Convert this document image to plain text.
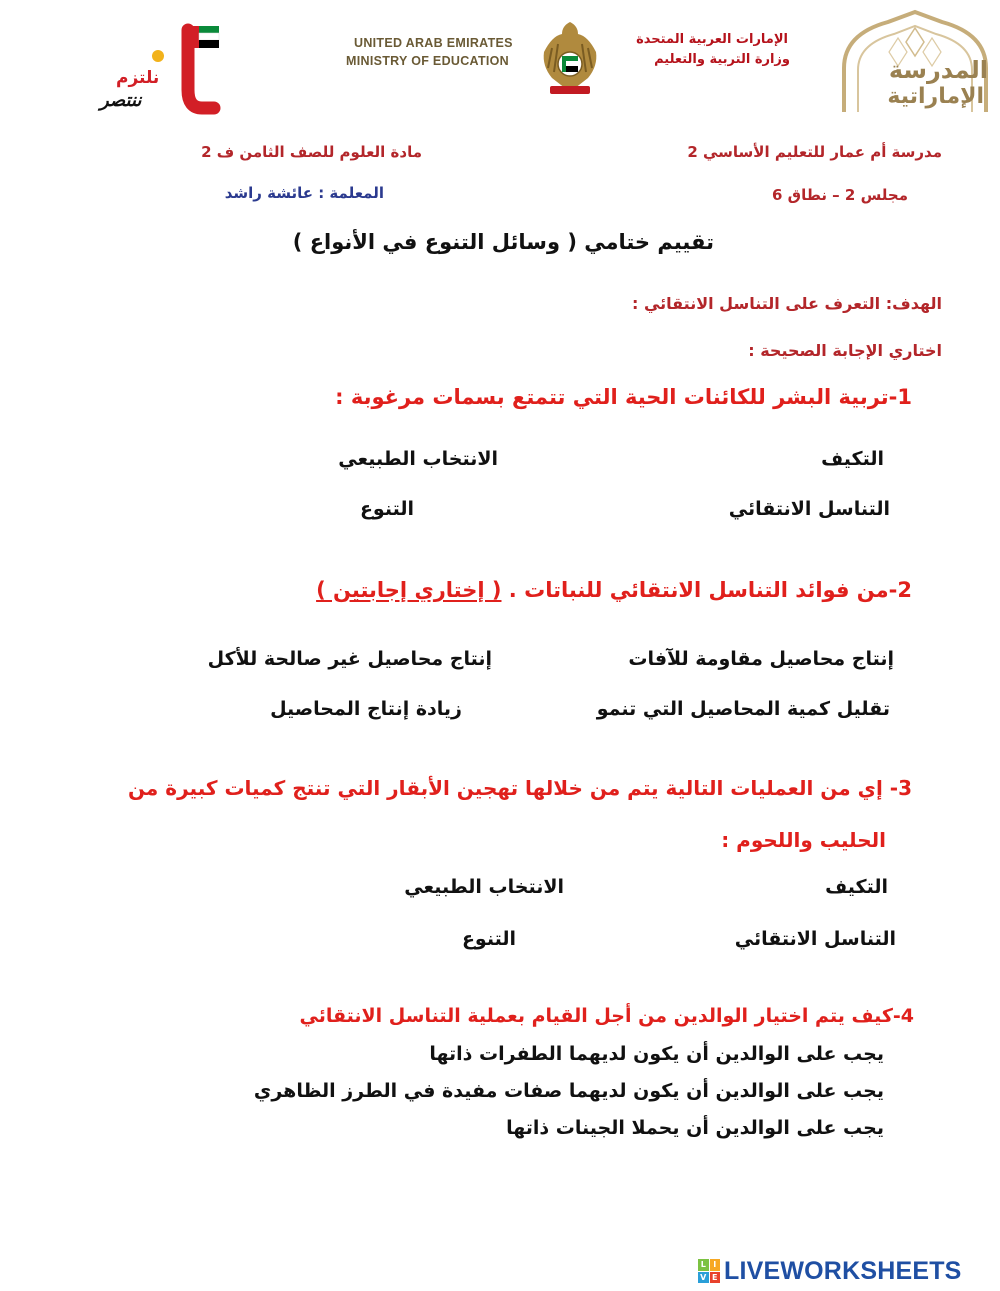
نلتزم
ننتصر
UNITED ARAB EMIRATES
MINISTRY OF EDUCATION
الإمارات العربية المتحدة
وزارة التربية والتعليم	المدرسة
الإماراتية
مدرسة أم عمار للتعليم الأساسي 2
مادة العلوم للصف الثامن ف 2
مجلس 2 – نطاق 6
المعلمة : عائشة راشد
تقييم ختامي ( وسائل التنوع في الأنواع )
الهدف: التعرف على التناسل الانتقائي :
اختاري الإجابة الصحيحة :
1-تربية البشر للكائنات الحية التي تتمتع بسمات مرغوبة :
التكيف
الانتخاب الطبيعي
التناسل الانتقائي
التنوع
2-من فوائد التناسل الانتقائي للنباتات . ( إختاري إجابتين )
إنتاج محاصيل مقاومة للآفات
إنتاج محاصيل غير صالحة للأكل
تقليل كمية المحاصيل التي تنمو
زيادة إنتاج المحاصيل
3- إي من العمليات التالية يتم من خلالها تهجين الأبقار التي تنتج كميات كبيرة من
الحليب واللحوم :
التكيف
الانتخاب الطبيعي
التناسل الانتقائي
التنوع
4-كيف يتم اختيار الوالدين من أجل القيام بعملية التناسل الانتقائي
يجب على الوالدين أن يكون لديهما الطفرات ذاتها
يجب على الوالدين أن يكون لديهما صفات مفيدة في الطرز الظاهري
يجب على الوالدين أن يحملا الجينات ذاتها
L I
V E LIVEWORKSHEETS
